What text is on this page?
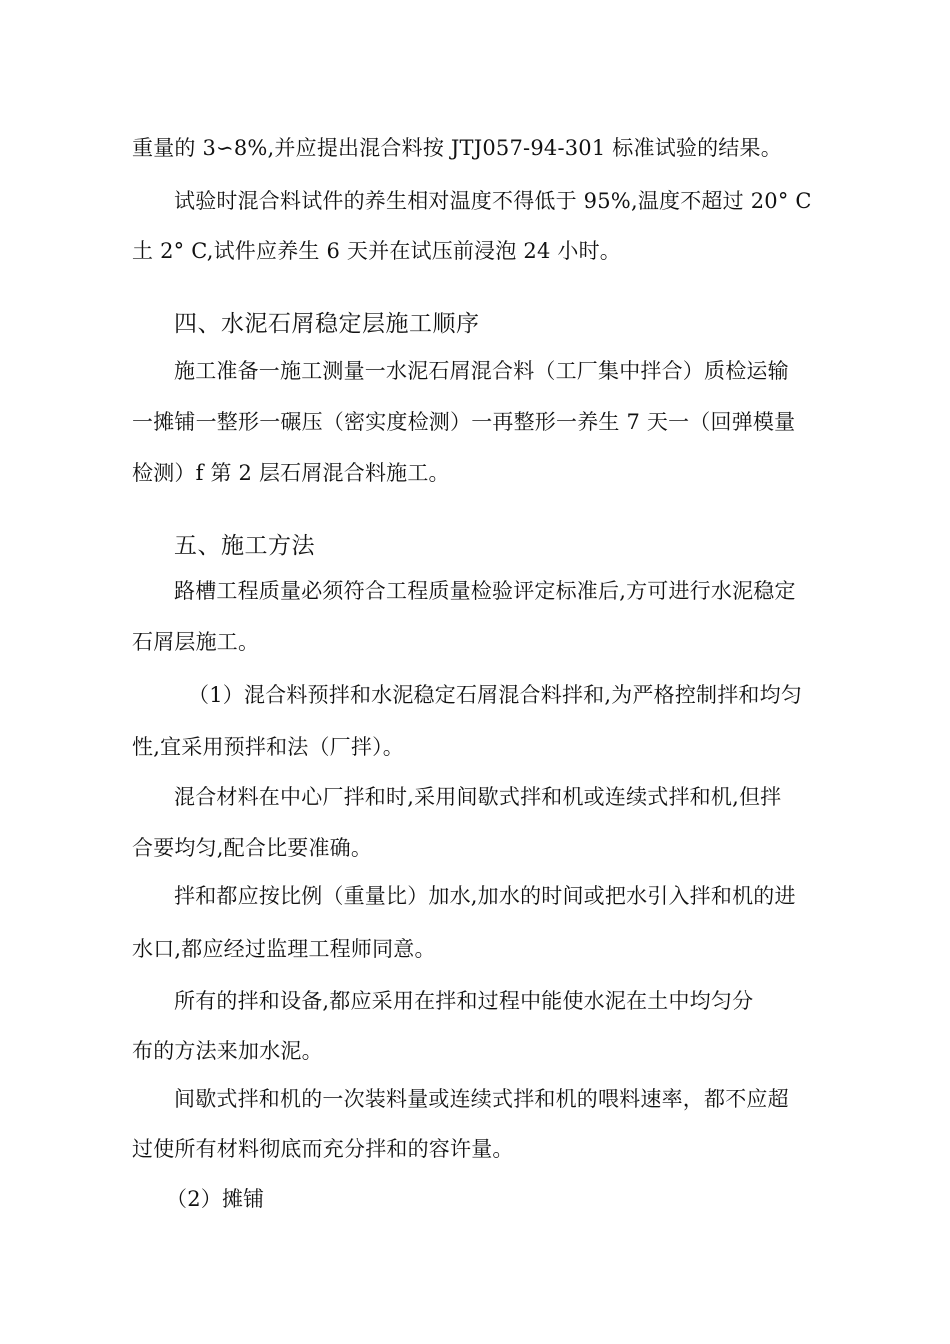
重量的 3∽8%,并应提出混合料按 JTJ057-94-301 标准试验的结果。
试验时混合料试件的养生相对温度不得低于 95%,温度不超过 20° C
土 2° C,试件应养生 6 天并在试压前浸泡 24 小时。
四、水泥石屑稳定层施工顺序
施工准备一施工测量一水泥石屑混合料（工厂集中拌合）质检运输
一摊铺一整形一碾压（密实度检测）一再整形一养生 7 天一（回弹模量
检测）f 第 2 层石屑混合料施工。
五、施工方法
路槽工程质量必须符合工程质量检验评定标准后,方可进行水泥稳定
石屑层施工。
（1）混合料预拌和水泥稳定石屑混合料拌和,为严格控制拌和均匀
性,宜采用预拌和法（厂拌）。
混合材料在中心厂拌和时,采用间歇式拌和机或连续式拌和机,但拌
合要均匀,配合比要准确。
拌和都应按比例（重量比）加水,加水的时间或把水引入拌和机的进
水口,都应经过监理工程师同意。
所有的拌和设备,都应采用在拌和过程中能使水泥在土中均匀分
布的方法来加水泥。
间歇式拌和机的一次装料量或连续式拌和机的喂料速率，都不应超
过使所有材料彻底而充分拌和的容许量。
（2）摊铺
